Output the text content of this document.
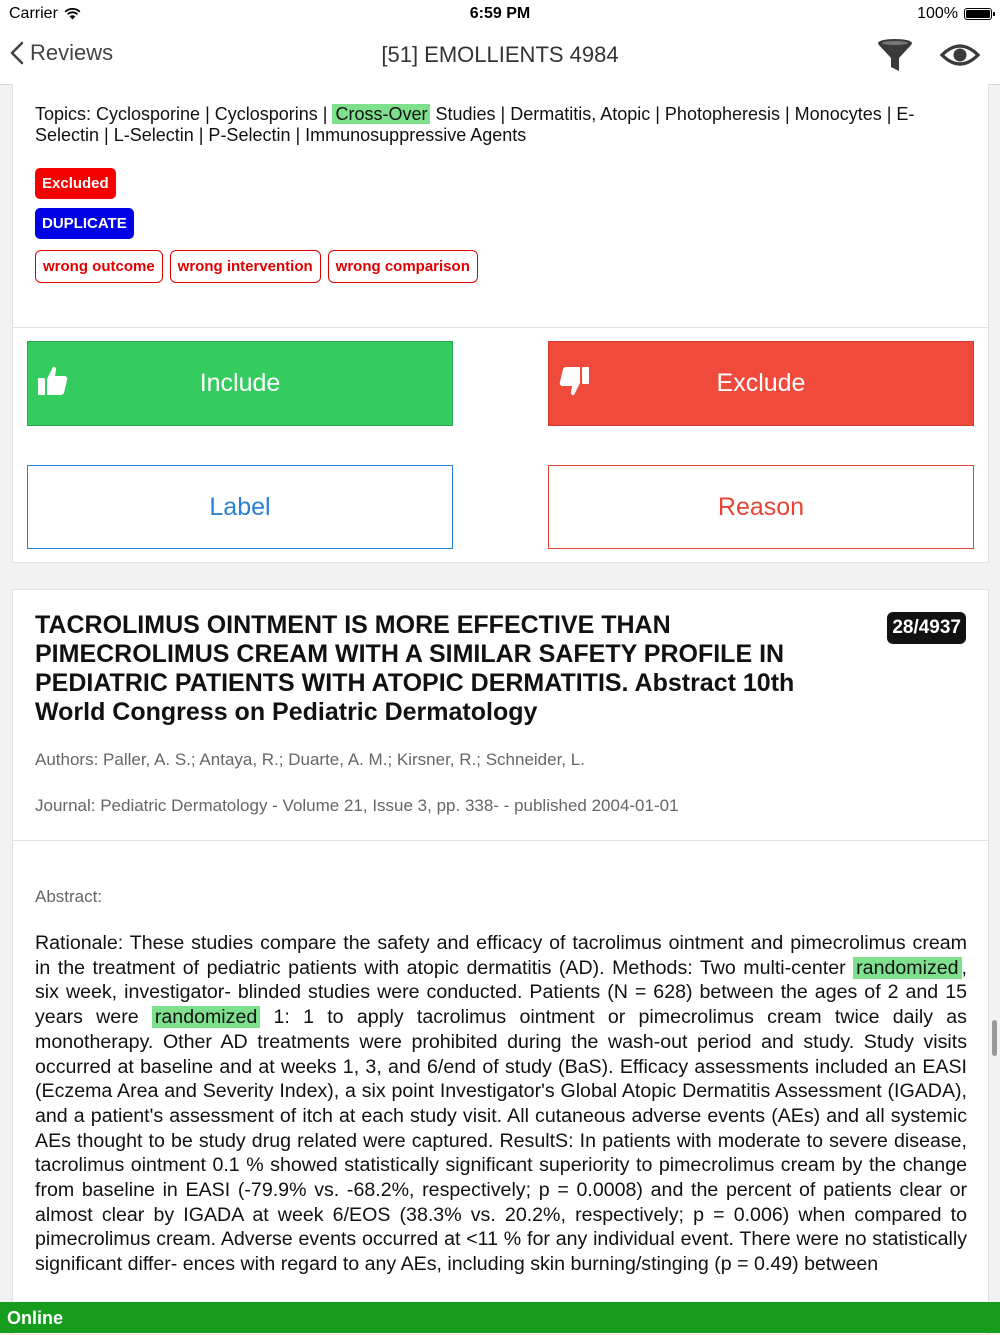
Carrier	6:59 PM	100%
Reviews	[51] EMOLLIENTS 4984
Topics: Cyclosporine | Cyclosporins | Cross-Over Studies | Dermatitis, Atopic | Photopheresis | Monocytes | E-Selectin | L-Selectin | P-Selectin | Immunosuppressive Agents
Excluded
DUPLICATE
wrong outcome	wrong intervention	wrong comparison
Include	Exclude
Label	Reason
TACROLIMUS OINTMENT IS MORE EFFECTIVE THAN PIMECROLIMUS CREAM WITH A SIMILAR SAFETY PROFILE IN PEDIATRIC PATIENTS WITH ATOPIC DERMATITIS. Abstract 10th World Congress on Pediatric Dermatology
28/4937
Authors: Paller, A. S.; Antaya, R.; Duarte, A. M.; Kirsner, R.; Schneider, L.
Journal: Pediatric Dermatology - Volume 21, Issue 3, pp. 338- - published 2004-01-01
Abstract:
Rationale: These studies compare the safety and efficacy of tacrolimus ointment and pimecrolimus cream in the treatment of pediatric patients with atopic dermatitis (AD). Methods: Two multi-center randomized , six week, investigator- blinded studies were conducted. Patients (N = 628) between the ages of 2 and 15 years were randomized 1: 1 to apply tacrolimus ointment or pimecrolimus cream twice daily as monotherapy. Other AD treatments were prohibited during the wash-out period and study. Study visits occurred at baseline and at weeks 1, 3, and 6/end of study (BaS). Efficacy assessments included an EASI (Eczema Area and Severity Index), a six point Investigator's Global Atopic Dermatitis Assessment (IGADA), and a patient's assessment of itch at each study visit. All cutaneous adverse events (AEs) and all systemic AEs thought to be study drug related were captured. ResultS: In patients with moderate to severe disease, tacrolimus ointment 0.1 % showed statistically significant superiority to pimecrolimus cream by the change from baseline in EASI (-79.9% vs. -68.2%, respectively; p = 0.0008) and the percent of patients clear or almost clear by IGADA at week 6/EOS (38.3% vs. 20.2%, respectively; p = 0.006) when compared to pimecrolimus cream. Adverse events occurred at <11 % for any individual event. There were no statistically significant differ- ences with regard to any AEs, including skin burning/stinging (p = 0.49) between
Online
